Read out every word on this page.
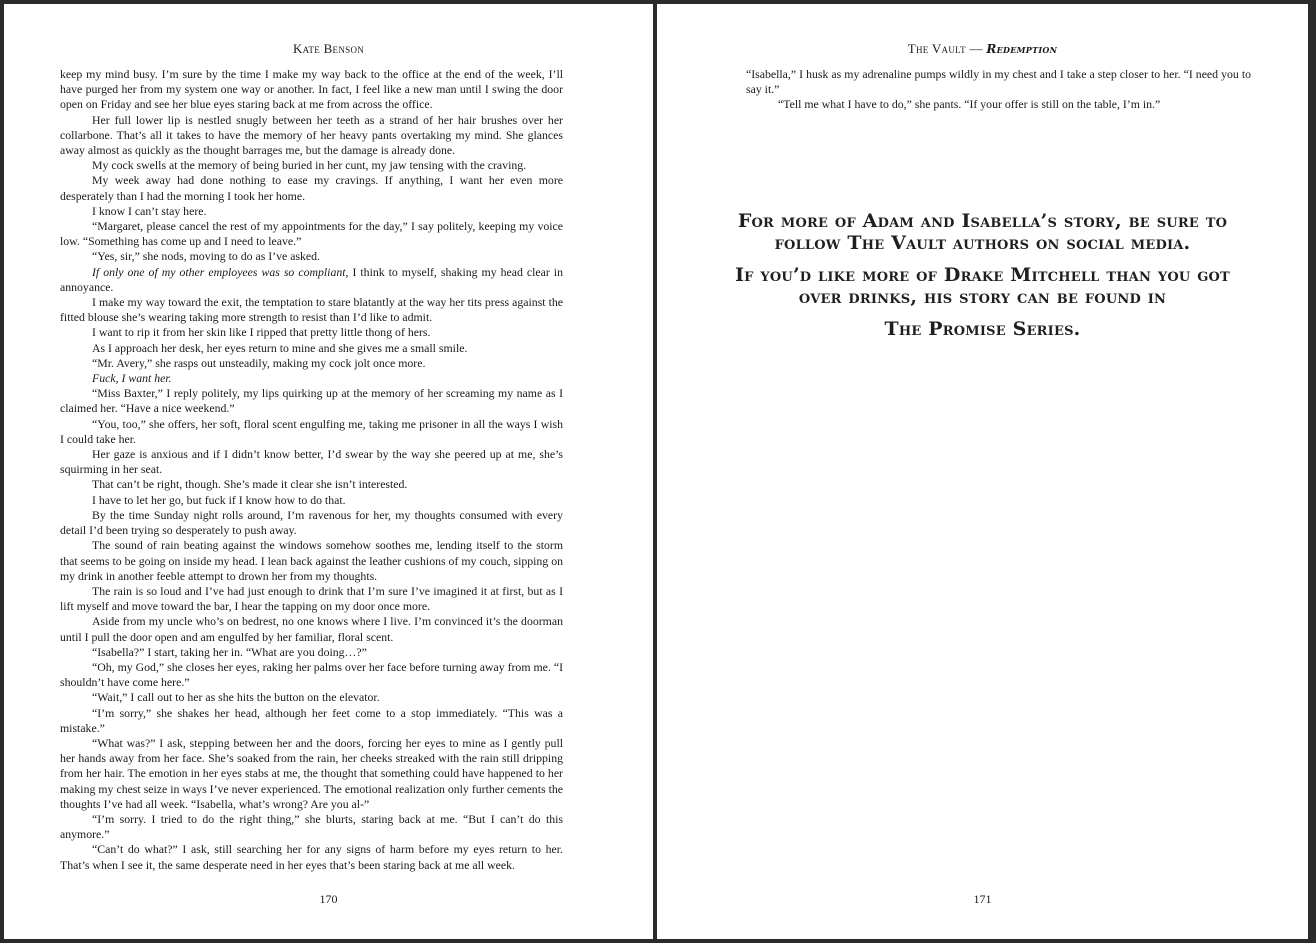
Kate Benson

keep my mind busy. I’m sure by the time I make my way back to the office at the end of the week, I’ll have purged her from my system one way or another. In fact, I feel like a new man until I swing the door open on Friday and see her blue eyes staring back at me from across the office.

Her full lower lip is nestled snugly between her teeth as a strand of her hair brushes over her collarbone. That’s all it takes to have the memory of her heavy pants overtaking my mind. She glances away almost as quickly as the thought barrages me, but the damage is already done.

My cock swells at the memory of being buried in her cunt, my jaw tensing with the craving.

My week away had done nothing to ease my cravings. If anything, I want her even more desperately than I had the morning I took her home.

I know I can’t stay here.

“Margaret, please cancel the rest of my appointments for the day,” I say politely, keeping my voice low. “Something has come up and I need to leave.”

“Yes, sir,” she nods, moving to do as I’ve asked.

If only one of my other employees was so compliant, I think to myself, shaking my head clear in annoyance.

I make my way toward the exit, the temptation to stare blatantly at the way her tits press against the fitted blouse she’s wearing taking more strength to resist than I’d like to admit.

I want to rip it from her skin like I ripped that pretty little thong of hers.

As I approach her desk, her eyes return to mine and she gives me a small smile.

“Mr. Avery,” she rasps out unsteadily, making my cock jolt once more.

Fuck, I want her.

“Miss Baxter,” I reply politely, my lips quirking up at the memory of her screaming my name as I claimed her. “Have a nice weekend.”

“You, too,” she offers, her soft, floral scent engulfing me, taking me prisoner in all the ways I wish I could take her.

Her gaze is anxious and if I didn’t know better, I’d swear by the way she peered up at me, she’s squirming in her seat.

That can’t be right, though. She’s made it clear she isn’t interested.

I have to let her go, but fuck if I know how to do that.

By the time Sunday night rolls around, I’m ravenous for her, my thoughts consumed with every detail I’d been trying so desperately to push away.

The sound of rain beating against the windows somehow soothes me, lending itself to the storm that seems to be going on inside my head. I lean back against the leather cushions of my couch, sipping on my drink in another feeble attempt to drown her from my thoughts.

The rain is so loud and I’ve had just enough to drink that I’m sure I’ve imagined it at first, but as I lift myself and move toward the bar, I hear the tapping on my door once more.

Aside from my uncle who’s on bedrest, no one knows where I live. I’m convinced it’s the doorman until I pull the door open and am engulfed by her familiar, floral scent.

“Isabella?” I start, taking her in. “What are you doing…?”

“Oh, my God,” she closes her eyes, raking her palms over her face before turning away from me. “I shouldn’t have come here.”

“Wait,” I call out to her as she hits the button on the elevator.

“I’m sorry,” she shakes her head, although her feet come to a stop immediately. “This was a mistake.”

“What was?” I ask, stepping between her and the doors, forcing her eyes to mine as I gently pull her hands away from her face. She’s soaked from the rain, her cheeks streaked with the rain still dripping from her hair. The emotion in her eyes stabs at me, the thought that something could have happened to her making my chest seize in ways I’ve never experienced. The emotional realization only further cements the thoughts I’ve had all week. “Isabella, what’s wrong? Are you al-”

“I’m sorry. I tried to do the right thing,” she blurts, staring back at me. “But I can’t do this anymore.”

“Can’t do what?” I ask, still searching her for any signs of harm before my eyes return to her. That’s when I see it, the same desperate need in her eyes that’s been staring back at me all week.

170
The Vault — Redemption

“Isabella,” I husk as my adrenaline pumps wildly in my chest and I take a step closer to her. “I need you to say it.”

“Tell me what I have to do,” she pants. “If your offer is still on the table, I’m in.”

For more of Adam and Isabella’s story, be sure to follow The Vault authors on social media.

If you’d like more of Drake Mitchell than you got over drinks, his story can be found in

The Promise Series.

171
